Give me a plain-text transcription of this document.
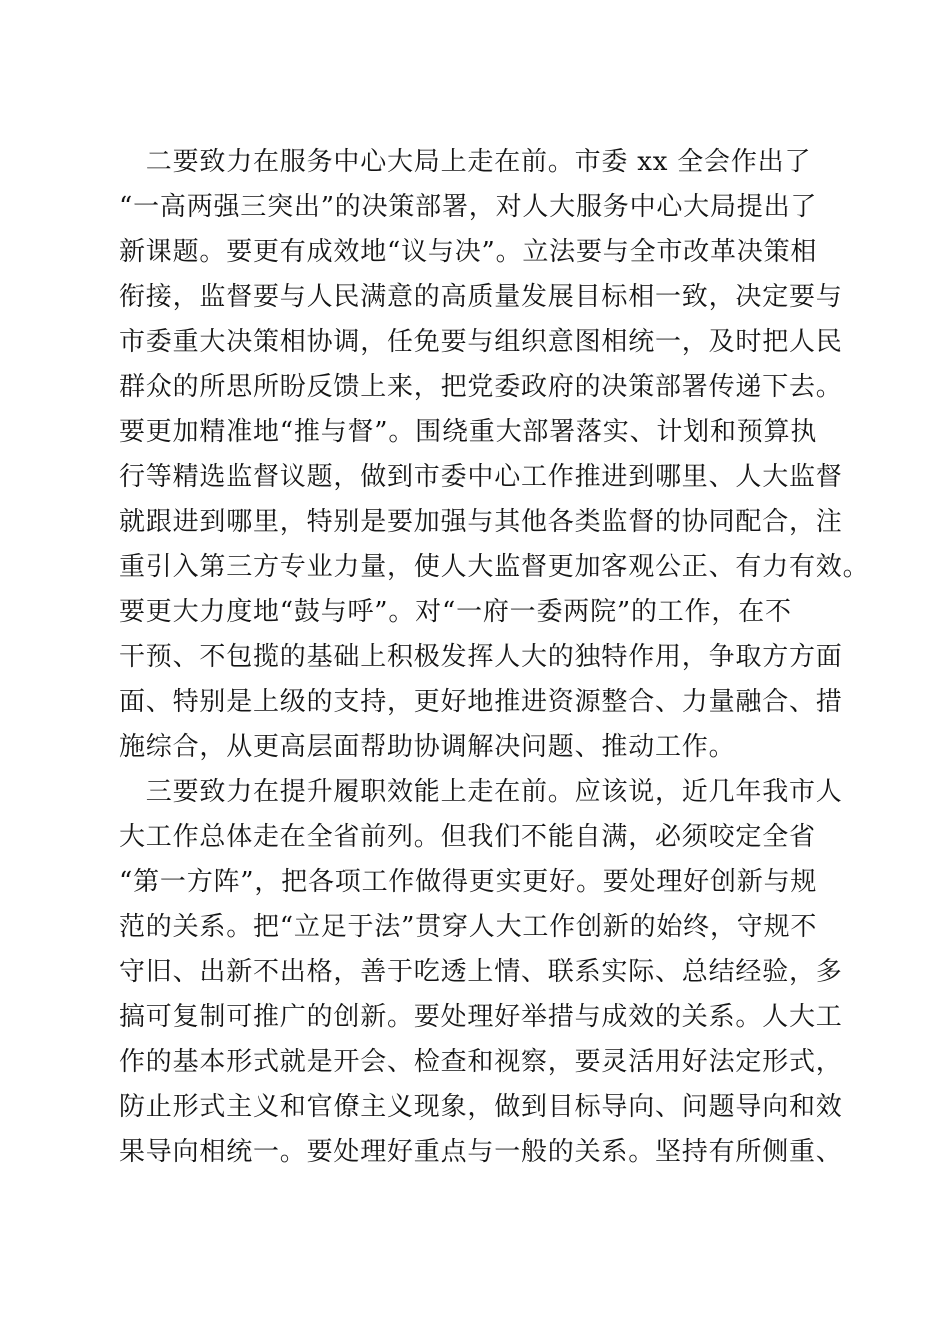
　二要致力在服务中心大局上走在前。市委 xx 全会作出了
“一高两强三突出”的决策部署，对人大服务中心大局提出了
新课题。要更有成效地“议与决”。立法要与全市改革决策相
衔接，监督要与人民满意的高质量发展目标相一致，决定要与
市委重大决策相协调，任免要与组织意图相统一，及时把人民
群众的所思所盼反馈上来，把党委政府的决策部署传递下去。
要更加精准地“推与督”。围绕重大部署落实、计划和预算执
行等精选监督议题，做到市委中心工作推进到哪里、人大监督
就跟进到哪里，特别是要加强与其他各类监督的协同配合，注
重引入第三方专业力量，使人大监督更加客观公正、有力有效。
要更大力度地“鼓与呼”。对“一府一委两院”的工作，在不
干预、不包揽的基础上积极发挥人大的独特作用，争取方方面
面、特别是上级的支持，更好地推进资源整合、力量融合、措
施综合，从更高层面帮助协调解决问题、推动工作。
　三要致力在提升履职效能上走在前。应该说，近几年我市人
大工作总体走在全省前列。但我们不能自满，必须咬定全省
“第一方阵”，把各项工作做得更实更好。要处理好创新与规
范的关系。把“立足于法”贯穿人大工作创新的始终，守规不
守旧、出新不出格，善于吃透上情、联系实际、总结经验，多
搞可复制可推广的创新。要处理好举措与成效的关系。人大工
作的基本形式就是开会、检查和视察，要灵活用好法定形式，
防止形式主义和官僚主义现象，做到目标导向、问题导向和效
果导向相统一。要处理好重点与一般的关系。坚持有所侧重、
